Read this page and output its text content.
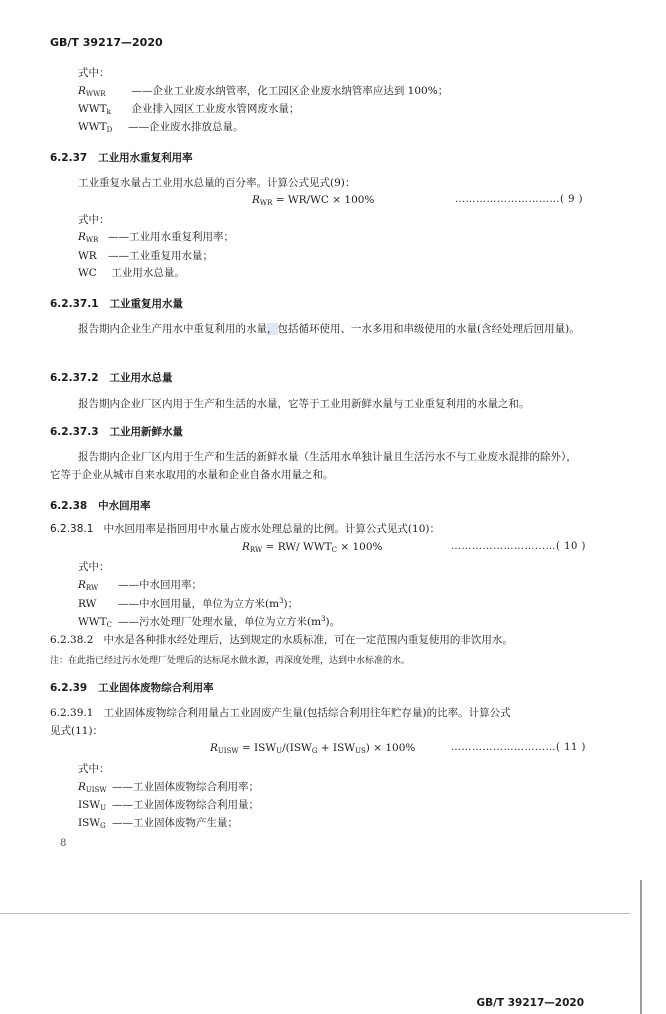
GB/T 39217—2020
式中：
$R_{WWR}$ ——企业工业废水纳管率，化工园区企业废水纳管率应达到 100%；
$WWT_k$ 企业排入园区工业废水管网废水量；
$WWT_D$ ——企业废水排放总量。
6.2.37 工业用水重复利用率
工业重复水量占工业用水总量的百分率。计算公式见式(9)：
$R_{WR} = WR/WC \times 100\%$	…………………………( 9 )
式中：
$R_{WR}$ ——工业用水重复利用率；
WR ——工业重复用水量；
WC 工业用水总量。
6.2.37.1 工业重复用水量
报告期内企业生产用水中重复利用的水量，包括循环使用、一水多用和串级使用的水量(含经处理后回用量)。
6.2.37.2 工业用水总量
报告期内企业厂区内用于生产和生活的水量，它等于工业用新鲜水量与工业重复利用的水量之和。
6.2.37.3 工业用新鲜水量
报告期内企业厂区内用于生产和生活的新鲜水量（生活用水单独计量且生活污水不与工业废水混排的除外），它等于企业从城市自来水取用的水量和企业自备水用量之和。
6.2.38 中水回用率
6.2.38.1 中水回用率是指回用中水量占废水处理总量的比例。计算公式见式(10)：
$R_{RW} = RW/$ $WWT_C \times 100\%$	…………………………( 10 )
式中：
$R_{RW}$ ——中水回用率；
RW ——中水回用量，单位为立方米$(m^3)$；
$WWT_C$ ——污水处理厂处理水量，单位为立方米$(m^3)$。
6.2.38.2 中水是各种排水经处理后，达到规定的水质标准，可在一定范围内重复使用的非饮用水。
注：在此指已经过污水处理厂处理后的达标尾水做水源，再深度处理，达到中水标准的水。
6.2.39 工业固体废物综合利用率
6.2.39.1 工业固体废物综合利用量占工业固废产生量(包括综合利用往年贮存量)的比率。计算公式
见式(11)：
$R_{UISW} = ISW_U/(ISW_G + ISW_{US}) \times 100\%$	…………………………( 11 )
式中：
$R_{UISW}$ ——工业固体废物综合利用率；
$ISW_U$ ——工业固体废物综合利用量；
$ISW_G$ ——工业固体废物产生量；
8
GB/T 39217—2020
